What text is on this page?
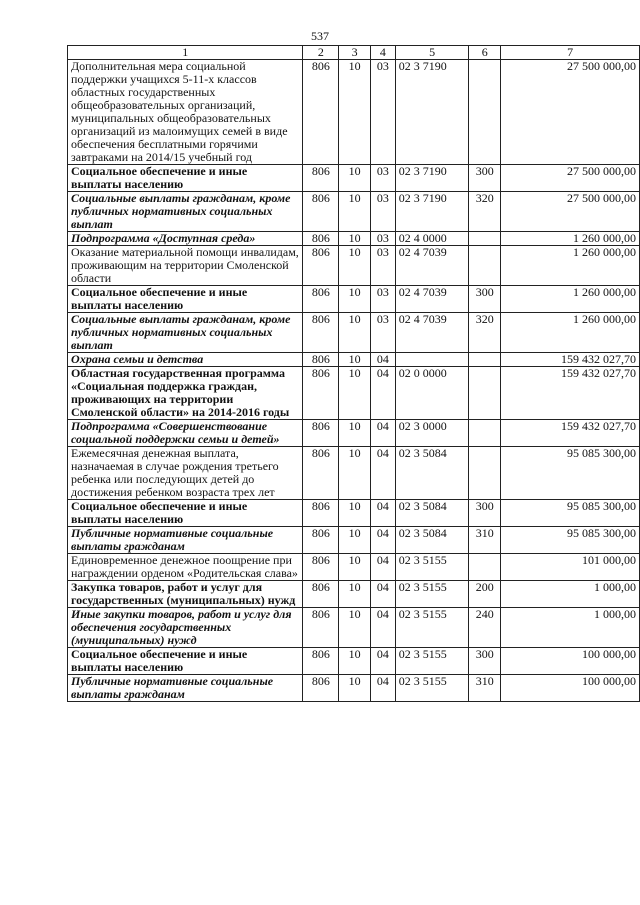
537
1	2	3	4	5	6	7
Дополнительная мера социальной поддержки учащихся 5-11-х классов областных государственных общеобразовательных организаций, муниципальных общеобразовательных организаций из малоимущих семей в виде обеспечения бесплатными горячими завтраками на 2014/15 учебный год	806	10	03	02 3 7190		27 500 000,00
Социальное обеспечение и иные выплаты населению	806	10	03	02 3 7190	300	27 500 000,00
Социальные выплаты гражданам, кроме публичных нормативных социальных выплат	806	10	03	02 3 7190	320	27 500 000,00
Подпрограмма «Доступная среда»	806	10	03	02 4 0000		1 260 000,00
Оказание материальной помощи инвалидам, проживающим на территории Смоленской области	806	10	03	02 4 7039		1 260 000,00
Социальное обеспечение и иные выплаты населению	806	10	03	02 4 7039	300	1 260 000,00
Социальные выплаты гражданам, кроме публичных нормативных социальных выплат	806	10	03	02 4 7039	320	1 260 000,00
Охрана семьи и детства	806	10	04			159 432 027,70
Областная государственная программа «Социальная поддержка граждан, проживающих на территории Смоленской области» на 2014-2016 годы	806	10	04	02 0 0000		159 432 027,70
Подпрограмма «Совершенствование социальной поддержки семьи и детей»	806	10	04	02 3 0000		159 432 027,70
Ежемесячная денежная выплата, назначаемая в случае рождения третьего ребенка или последующих детей до достижения ребенком возраста трех лет	806	10	04	02 3 5084		95 085 300,00
Социальное обеспечение и иные выплаты населению	806	10	04	02 3 5084	300	95 085 300,00
Публичные нормативные социальные выплаты гражданам	806	10	04	02 3 5084	310	95 085 300,00
Единовременное денежное поощрение при награждении орденом «Родительская слава»	806	10	04	02 3 5155		101 000,00
Закупка товаров, работ и услуг для государственных (муниципальных) нужд	806	10	04	02 3 5155	200	1 000,00
Иные закупки товаров, работ и услуг для обеспечения государственных (муниципальных) нужд	806	10	04	02 3 5155	240	1 000,00
Социальное обеспечение и иные выплаты населению	806	10	04	02 3 5155	300	100 000,00
Публичные нормативные социальные выплаты гражданам	806	10	04	02 3 5155	310	100 000,00
